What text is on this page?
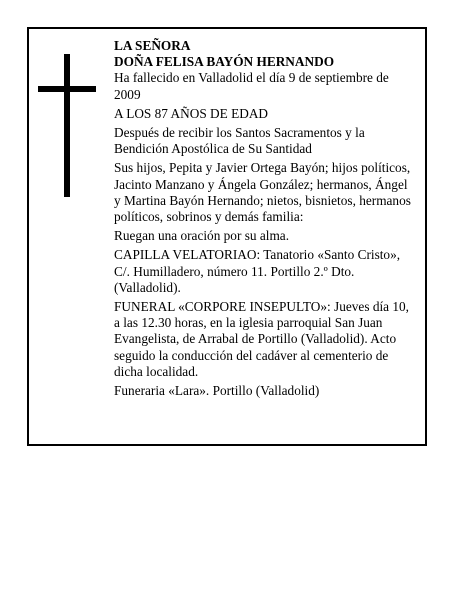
LA SEÑORA

DOÑA FELISA BAYÓN HERNANDO

Ha fallecido en Valladolid el día 9 de septiembre de 2009

A LOS 87 AÑOS DE EDAD

Después de recibir los Santos Sacramentos y la Bendición Apostólica de Su Santidad

Sus hijos, Pepita y Javier Ortega Bayón; hijos políticos, Jacinto Manzano y Ángela González; hermanos, Ángel y Martina Bayón Hernando; nietos, bisnietos, hermanos políticos, sobrinos y demás familia:

Ruegan una oración por su alma.

CAPILLA VELATORIAO: Tanatorio «Santo Cristo», C/. Humilladero, número 11. Portillo 2.º Dto. (Valladolid).

FUNERAL «CORPORE INSEPULTO»: Jueves día 10, a las 12.30 horas, en la iglesia parroquial San Juan Evangelista, de Arrabal de Portillo (Valladolid). Acto seguido la conducción del cadáver al cementerio de dicha localidad.

Funeraria «Lara». Portillo (Valladolid)
